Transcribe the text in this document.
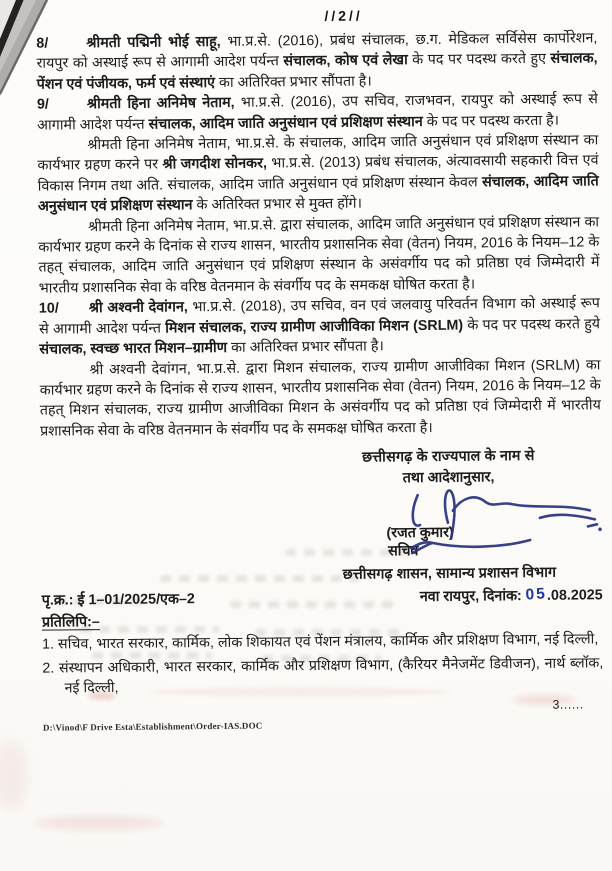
//2//

8/	श्रीमती पद्मिनी भोई साहू, भा.प्र.से. (2016), प्रबंध संचालक, छ.ग. मेडिकल सर्विसेस कार्पोरेशन, रायपुर को अस्थाई रूप से आगामी आदेश पर्यन्त संचालक, कोष एवं लेखा के पद पर पदस्थ करते हुए संचालक, पेंशन एवं पंजीयक, फर्म एवं संस्थाएं का अतिरिक्त प्रभार सौंपता है।

9/	श्रीमती हिना अनिमेष नेताम, भा.प्र.से. (2016), उप सचिव, राजभवन, रायपुर को अस्थाई रूप से आगामी आदेश पर्यन्त संचालक, आदिम जाति अनुसंधान एवं प्रशिक्षण संस्थान के पद पर पदस्थ करता है।

श्रीमती हिना अनिमेष नेताम, भा.प्र.से. के संचालक, आदिम जाति अनुसंधान एवं प्रशिक्षण संस्थान का कार्यभार ग्रहण करने पर श्री जगदीश सोनकर, भा.प्र.से. (2013) प्रबंध संचालक, अंत्यावसायी सहकारी वित्त एवं विकास निगम तथा अति. संचालक, आदिम जाति अनुसंधान एवं प्रशिक्षण संस्थान केवल संचालक, आदिम जाति अनुसंधान एवं प्रशिक्षण संस्थान के अतिरिक्त प्रभार से मुक्त होंगे।

श्रीमती हिना अनिमेष नेताम, भा.प्र.से. द्वारा संचालक, आदिम जाति अनुसंधान एवं प्रशिक्षण संस्थान का कार्यभार ग्रहण करने के दिनांक से राज्य शासन, भारतीय प्रशासनिक सेवा (वेतन) नियम, 2016 के नियम–12 के तहत् संचालक, आदिम जाति अनुसंधान एवं प्रशिक्षण संस्थान के असंवर्गीय पद को प्रतिष्ठा एवं जिम्मेदारी में भारतीय प्रशासनिक सेवा के वरिष्ठ वेतनमान के संवर्गीय पद के समकक्ष घोषित करता है।

10/ श्री अश्वनी देवांगन, भा.प्र.से. (2018), उप सचिव, वन एवं जलवायु परिवर्तन विभाग को अस्थाई रूप से आगामी आदेश पर्यन्त मिशन संचालक, राज्य ग्रामीण आजीविका मिशन (SRLM) के पद पर पदस्थ करते हुये संचालक, स्वच्छ भारत मिशन–ग्रामीण का अतिरिक्त प्रभार सौंपता है।

श्री अश्वनी देवांगन, भा.प्र.से. द्वारा मिशन संचालक, राज्य ग्रामीण आजीविका मिशन (SRLM) का कार्यभार ग्रहण करने के दिनांक से राज्य शासन, भारतीय प्रशासनिक सेवा (वेतन) नियम, 2016 के नियम–12 के तहत् मिशन संचालक, राज्य ग्रामीण आजीविका मिशन के असंवर्गीय पद को प्रतिष्ठा एवं जिम्मेदारी में भारतीय प्रशासनिक सेवा के वरिष्ठ वेतनमान के संवर्गीय पद के समकक्ष घोषित करता है।

छत्तीसगढ़ के राज्यपाल के नाम से
तथा आदेशानुसार,
(रजत कुमार)
सचिव
छत्तीसगढ़ शासन, सामान्य प्रशासन विभाग
पृ.क्र.: ई 1–01/2025/एक–2	नवा रायपुर, दिनांक: 05.08.2025
प्रतिलिपि:–
1. सचिव, भारत सरकार, कार्मिक, लोक शिकायत एवं पेंशन मंत्रालय, कार्मिक और प्रशिक्षण विभाग, नई दिल्ली,
2. संस्थापन अधिकारी, भारत सरकार, कार्मिक और प्रशिक्षण विभाग, (कैरियर मैनेजमेंट डिवीजन), नार्थ ब्लॉक, नई दिल्ली,
3......
D:\Vinod\F Drive Esta\Establishment\Order-IAS.DOC
